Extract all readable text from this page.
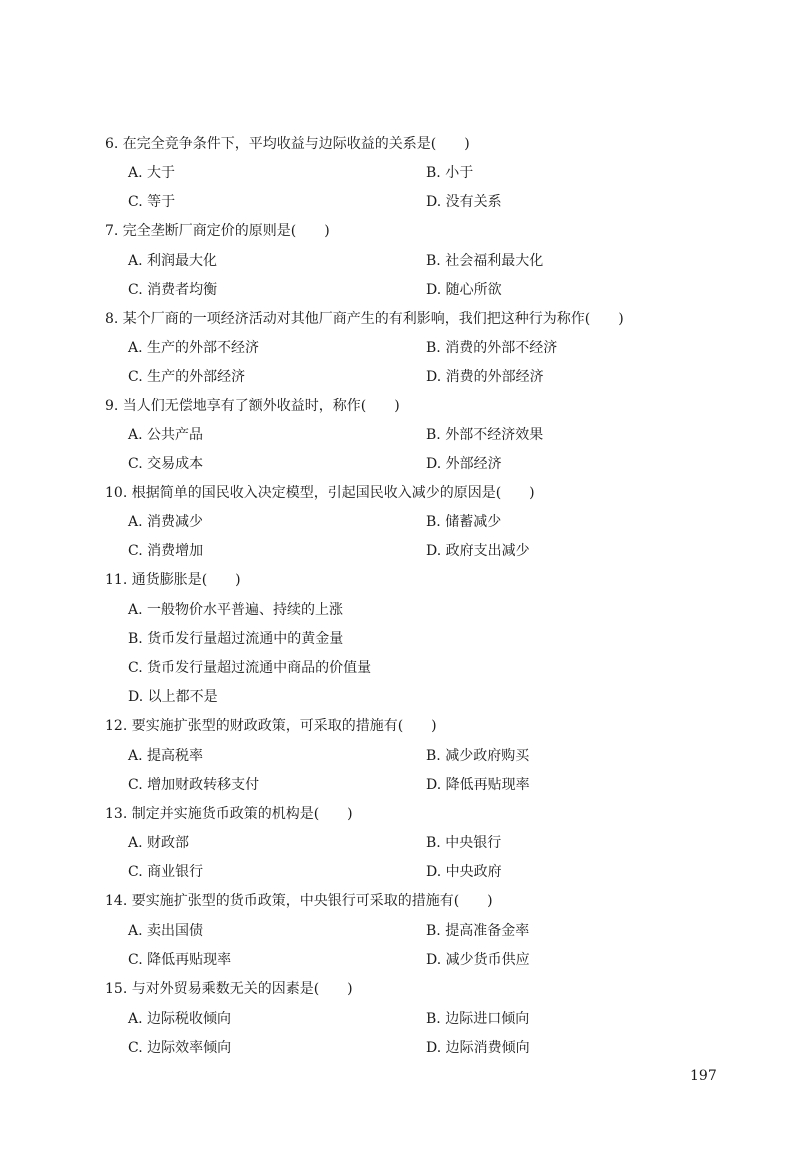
6. 在完全竞争条件下，平均收益与边际收益的关系是(　　)
A. 大于	B. 小于
C. 等于	D. 没有关系
7. 完全垄断厂商定价的原则是(　　)
A. 利润最大化	B. 社会福利最大化
C. 消费者均衡	D. 随心所欲
8. 某个厂商的一项经济活动对其他厂商产生的有利影响，我们把这种行为称作(　　)
A. 生产的外部不经济	B. 消费的外部不经济
C. 生产的外部经济	D. 消费的外部经济
9. 当人们无偿地享有了额外收益时，称作(　　)
A. 公共产品	B. 外部不经济效果
C. 交易成本	D. 外部经济
10. 根据简单的国民收入决定模型，引起国民收入减少的原因是(　　)
A. 消费减少	B. 储蓄减少
C. 消费增加	D. 政府支出减少
11. 通货膨胀是(　　)
A. 一般物价水平普遍、持续的上涨
B. 货币发行量超过流通中的黄金量
C. 货币发行量超过流通中商品的价值量
D. 以上都不是
12. 要实施扩张型的财政政策，可采取的措施有(　　)
A. 提高税率	B. 减少政府购买
C. 增加财政转移支付	D. 降低再贴现率
13. 制定并实施货币政策的机构是(　　)
A. 财政部	B. 中央银行
C. 商业银行	D. 中央政府
14. 要实施扩张型的货币政策，中央银行可采取的措施有(　　)
A. 卖出国债	B. 提高准备金率
C. 降低再贴现率	D. 减少货币供应
15. 与对外贸易乘数无关的因素是(　　)
A. 边际税收倾向	B. 边际进口倾向
C. 边际效率倾向	D. 边际消费倾向
197
